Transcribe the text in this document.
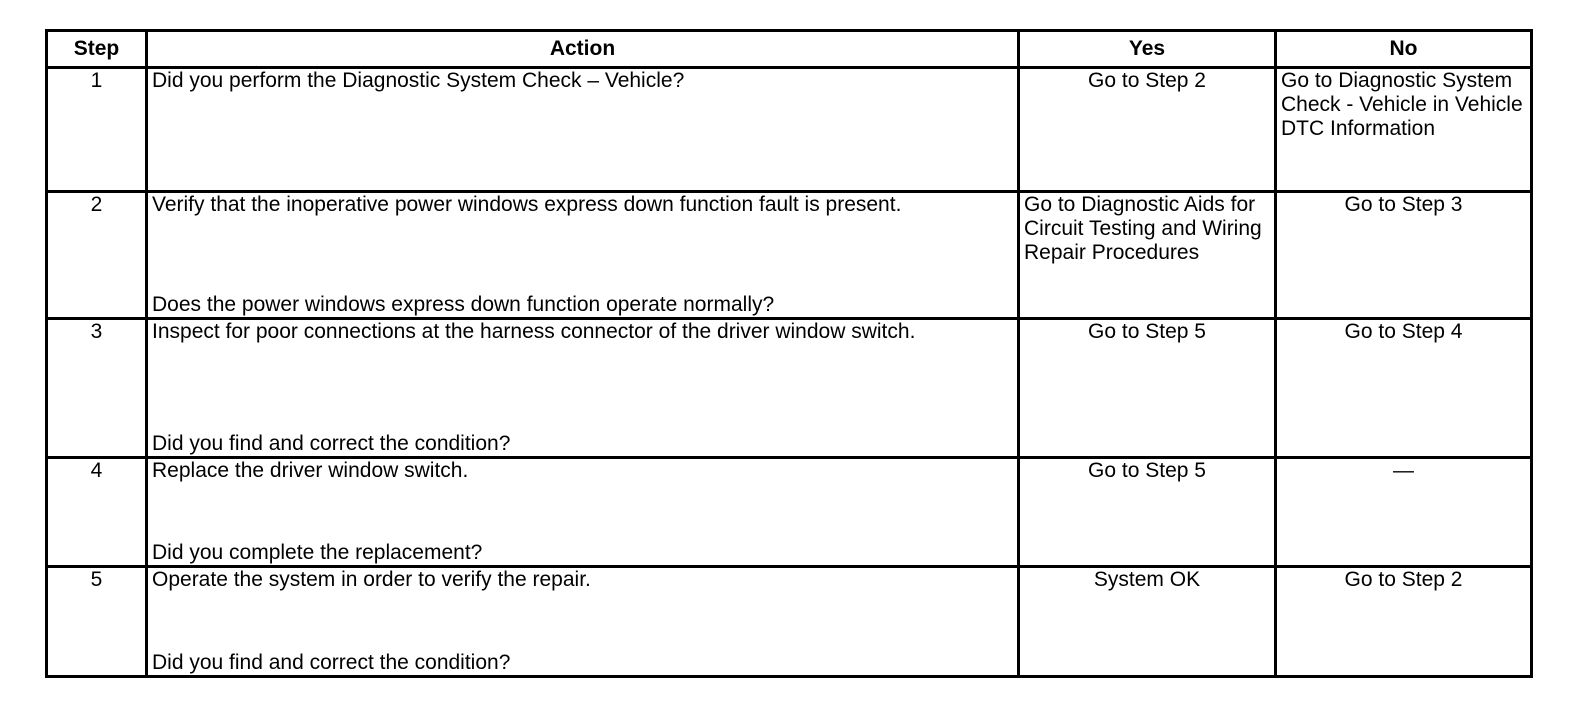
Step	Action	Yes	No
1	Did you perform the Diagnostic System Check – Vehicle?	Go to Step 2	Go to Diagnostic System Check - Vehicle in Vehicle DTC Information
2	Verify that the inoperative power windows express down function fault is present.
Does the power windows express down function operate normally?	Go to Diagnostic Aids for Circuit Testing and Wiring Repair Procedures	Go to Step 3
3	Inspect for poor connections at the harness connector of the driver window switch.
Did you find and correct the condition?	Go to Step 5	Go to Step 4
4	Replace the driver window switch.
Did you complete the replacement?	Go to Step 5	—
5	Operate the system in order to verify the repair.
Did you find and correct the condition?	System OK	Go to Step 2
